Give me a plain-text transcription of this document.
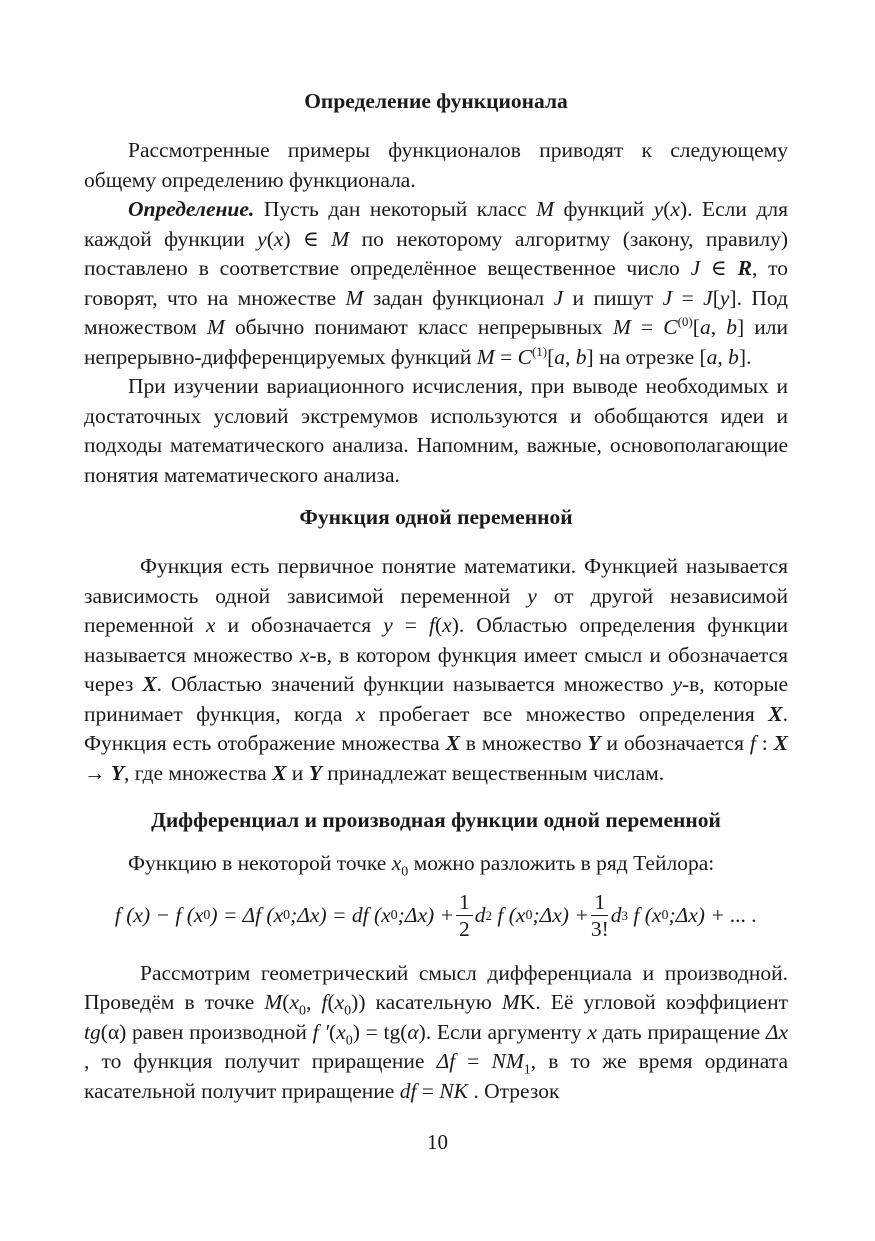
Определение функционала

Рассмотренные примеры функционалов приводят к следующему общему определению функционала.

Определение. Пусть дан некоторый класс M функций y(x). Если для каждой функции y(x) ∈ M по некоторому алгоритму (закону, правилу) поставлено в соответствие определённое вещественное число J ∈ R, то говорят, что на множестве M задан функционал J и пишут J = J[y]. Под множеством M обычно понимают класс непрерывных $M = C^{(0)}[a$, b] или непрерывно-дифференцируемых функций $M = C^{(1)}[a$, b] на отрезке [a, b].

При изучении вариационного исчисления, при выводе необходимых и достаточных условий экстремумов используются и обобщаются идеи и подходы математического анализа. Напомним, важные, основополагающие понятия математического анализа.

Функция одной переменной

Функция есть первичное понятие математики. Функцией называется зависимость одной зависимой переменной y от другой независимой переменной x и обозначается y = f(x). Областью определения функции называется множество x-в, в котором функция имеет смысл и обозначается через X. Областью значений функции называется множество y-в, которые принимает функция, когда x пробегает все множество определения X. Функция есть отображение множества X в множество Y и обозначается f : X → Y, где множества X и Y принадлежат вещественным числам.

Дифференциал и производная функции одной переменной

Функцию в некоторой точке $x_0$ можно разложить в ряд Тейлора:

f (x) − f (x 0 ) = Δf (x 0 ;Δx) = df (x 0 ;Δx) + $\frac{1}{2}$ d 2
f (x 0 ;Δx) + $\frac{1}{3!}$ d 3
f (x 0 ;Δx) + ... .

Рассмотрим геометрический смысл дифференциала и производной. Проведём в точке $M(x_0$, $f(x_0)$) касательную MK. Её угловой коэффициент tg(α) равен производной f $'(x_0) = tg(\alpha)$. Если аргументу x дать приращение Δx , то функция получит приращение $\Delta f = NM_1$, в то же время ордината касательной получит приращение df = NK . Отрезок

10
